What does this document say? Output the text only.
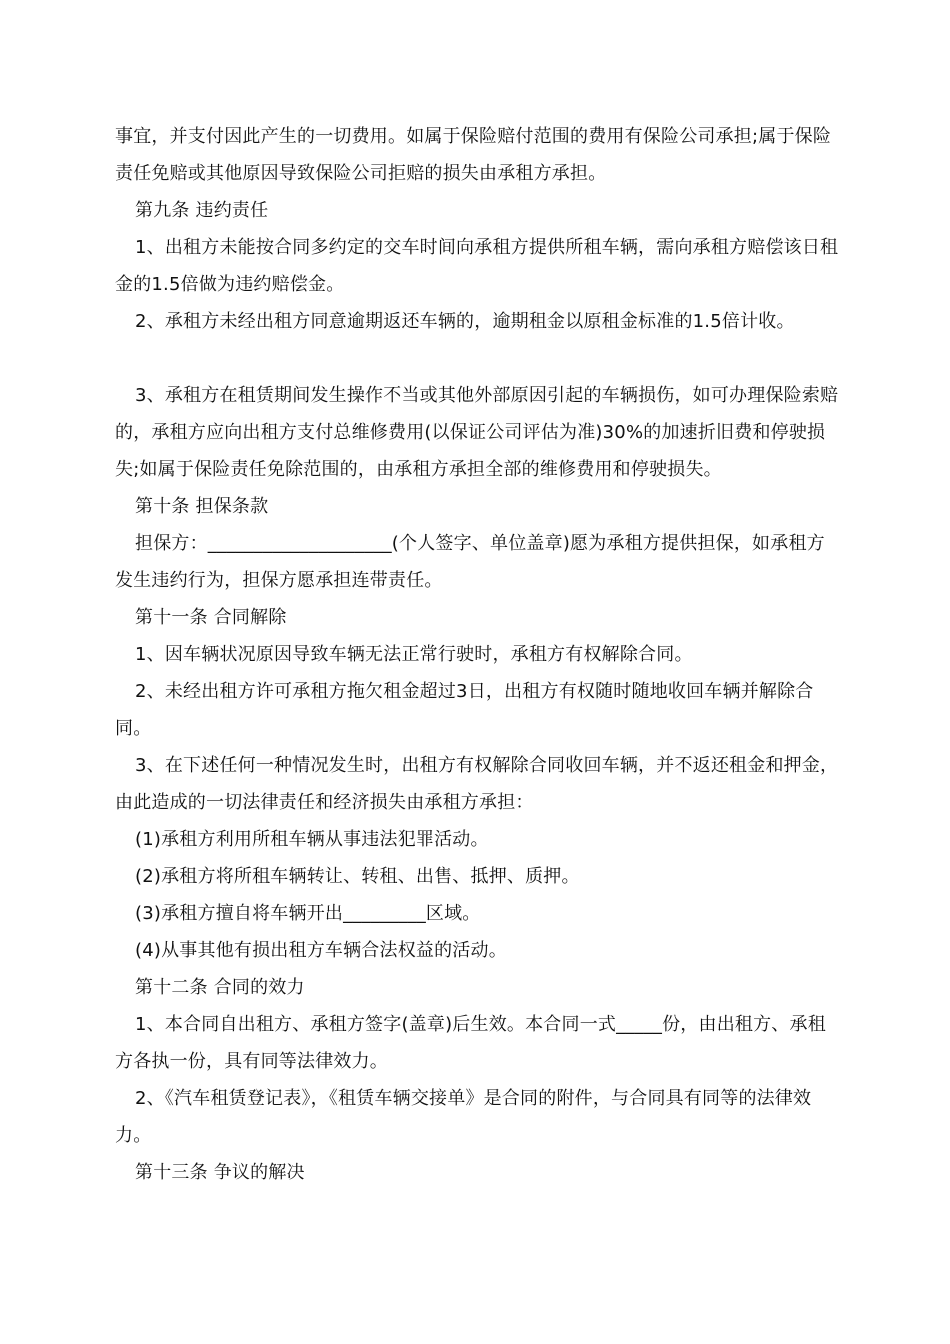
事宜，并支付因此产生的一切费用。如属于保险赔付范围的费用有保险公司承担;属于保险责任免赔或其他原因导致保险公司拒赔的损失由承租方承担。

第九条 违约责任

1、出租方未能按合同多约定的交车时间向承租方提供所租车辆，需向承租方赔偿该日租金的1.5倍做为违约赔偿金。

2、承租方未经出租方同意逾期返还车辆的，逾期租金以原租金标准的1.5倍计收。

3、承租方在租赁期间发生操作不当或其他外部原因引起的车辆损伤，如可办理保险索赔的，承租方应向出租方支付总维修费用(以保证公司评估为准)30%的加速折旧费和停驶损失;如属于保险责任免除范围的，由承租方承担全部的维修费用和停驶损失。

第十条 担保条款

担保方：____________________(个人签字、单位盖章)愿为承租方提供担保，如承租方发生违约行为，担保方愿承担连带责任。

第十一条 合同解除

1、因车辆状况原因导致车辆无法正常行驶时，承租方有权解除合同。

2、未经出租方许可承租方拖欠租金超过3日，出租方有权随时随地收回车辆并解除合同。

3、在下述任何一种情况发生时，出租方有权解除合同收回车辆，并不返还租金和押金，由此造成的一切法律责任和经济损失由承租方承担：

(1)承租方利用所租车辆从事违法犯罪活动。

(2)承租方将所租车辆转让、转租、出售、抵押、质押。

(3)承租方擅自将车辆开出_________区域。

(4)从事其他有损出租方车辆合法权益的活动。

第十二条 合同的效力

1、本合同自出租方、承租方签字(盖章)后生效。本合同一式_____份，由出租方、承租方各执一份，具有同等法律效力。

2、《汽车租赁登记表》，《租赁车辆交接单》是合同的附件，与合同具有同等的法律效力。

第十三条 争议的解决
